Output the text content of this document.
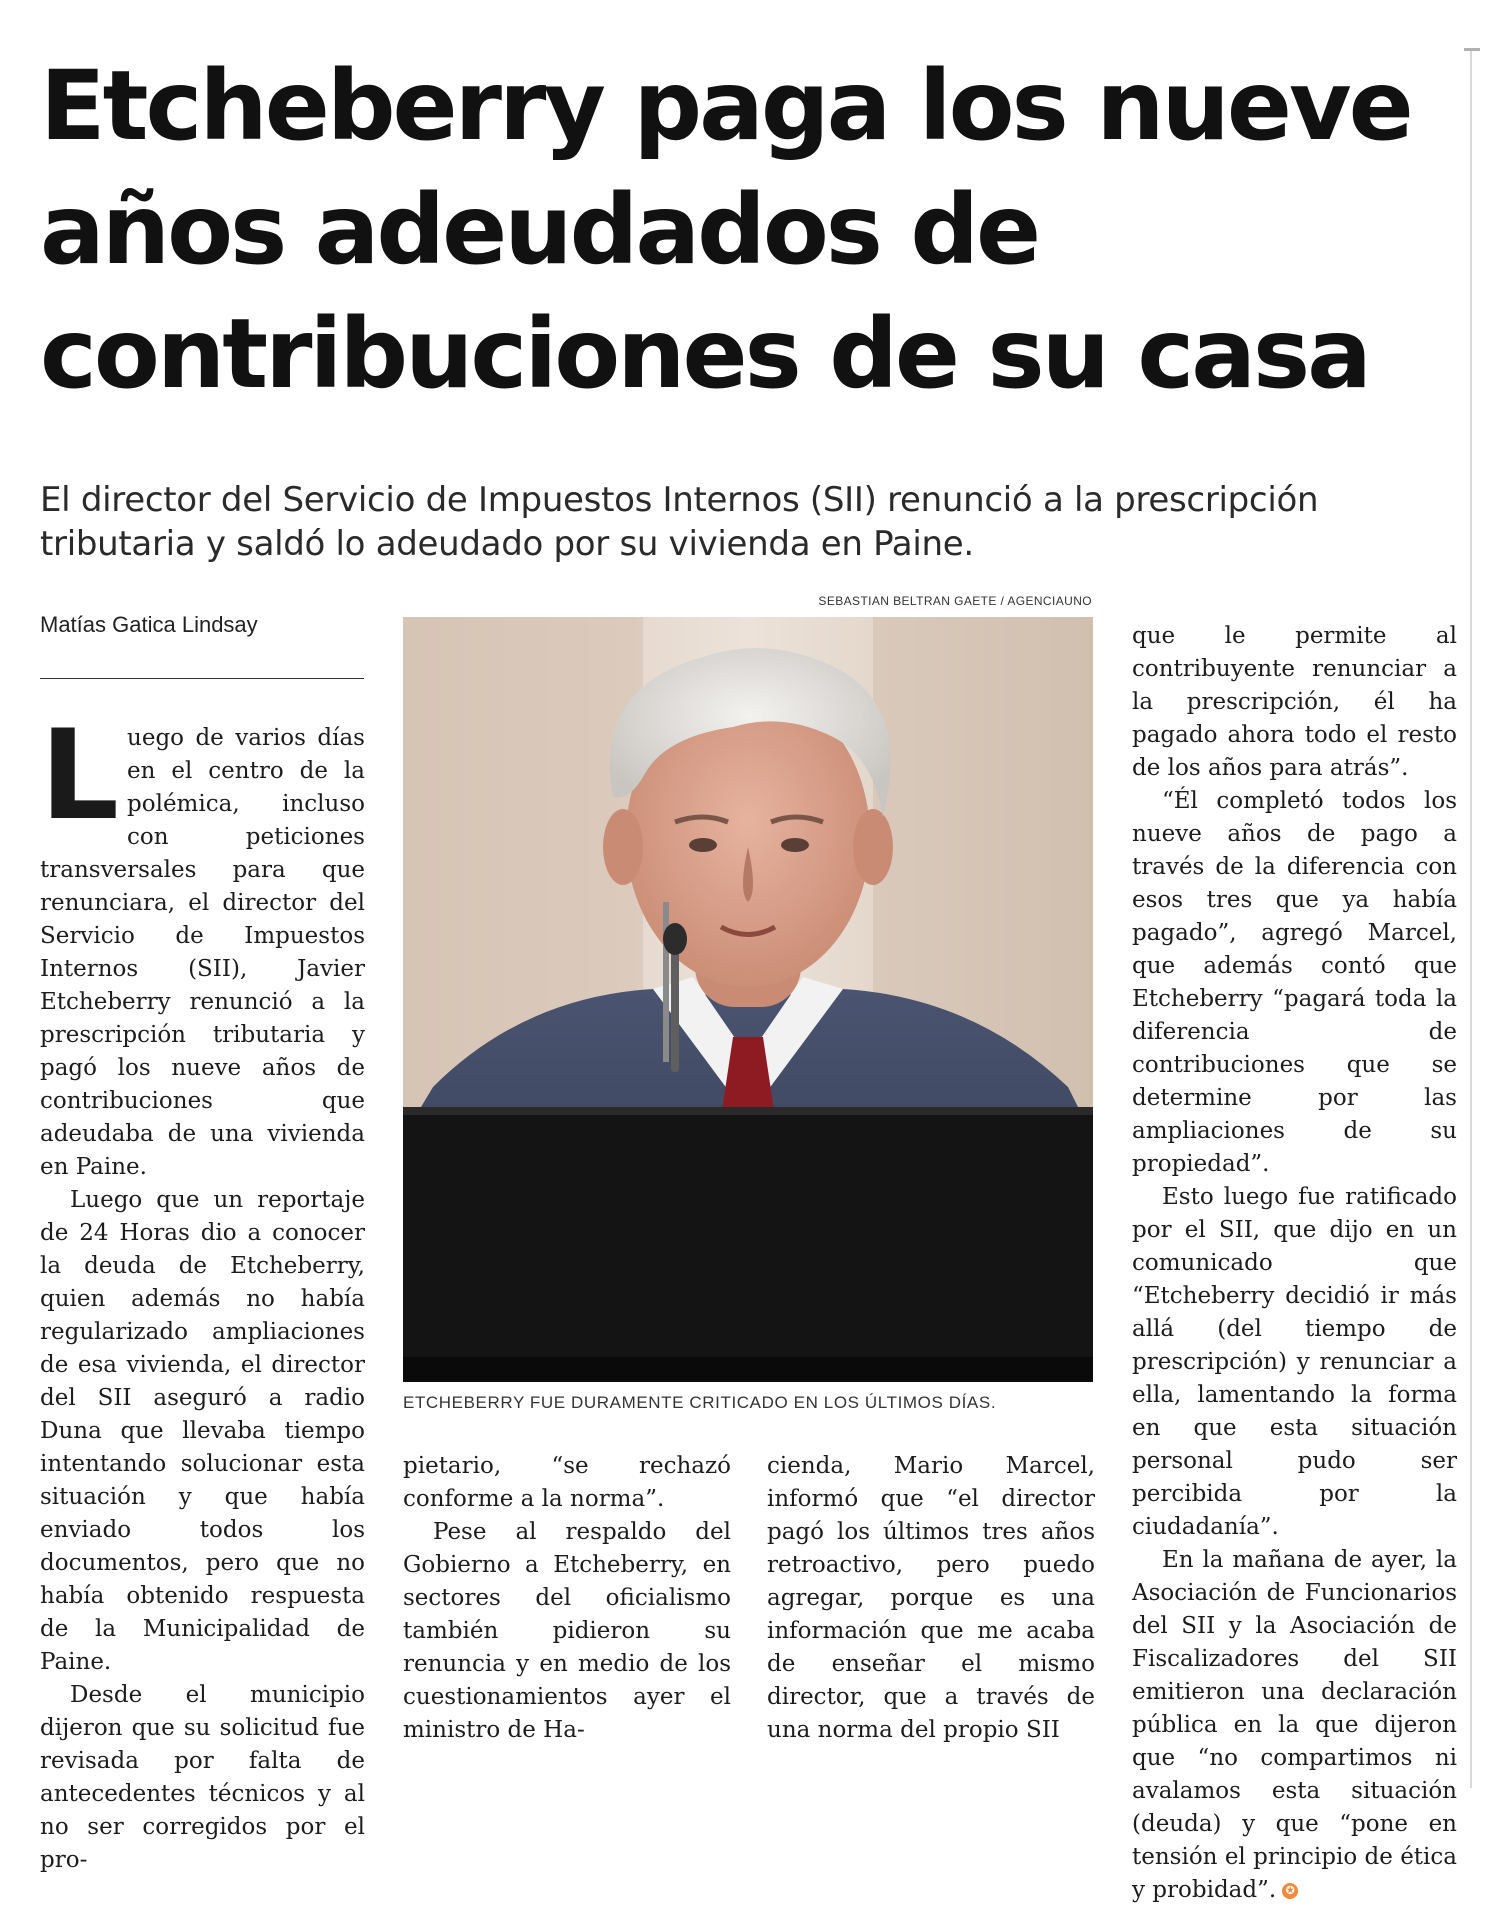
Etcheberry paga los nueve años adeudados de contribuciones de su casa

El director del Servicio de Impuestos Internos (SII) renunció a la prescripción tributaria y saldó lo adeudado por su vivienda en Paine.

Matías Gatica Lindsay
SEBASTIAN BELTRAN GAETE / AGENCIAUNO
ETCHEBERRY FUE DURAMENTE CRITICADO EN LOS ÚLTIMOS DÍAS.

Luego de varios días en el centro de la polémica, incluso con peticiones transversales para que renunciara, el director del Servicio de Impuestos Internos (SII), Javier Etcheberry renunció a la prescripción tributaria y pagó los nueve años de contribuciones que adeudaba de una vivienda en Paine.

Luego que un reportaje de 24 Horas dio a conocer la deuda de Etcheberry, quien además no había regularizado ampliaciones de esa vivienda, el director del SII aseguró a radio Duna que llevaba tiempo intentando solucionar esta situación y que había enviado todos los documentos, pero que no había obtenido respuesta de la Municipalidad de Paine.

Desde el municipio dijeron que su solicitud fue revisada por falta de antecedentes técnicos y al no ser corregidos por el pro-

pietario, “se rechazó conforme a la norma”.

Pese al respaldo del Gobierno a Etcheberry, en sectores del oficialismo también pidieron su renuncia y en medio de los cuestionamientos ayer el ministro de Ha-

cienda, Mario Marcel, informó que “el director pagó los últimos tres años retroactivo, pero puedo agregar, porque es una información que me acaba de enseñar el mismo director, que a través de una norma del propio SII

que le permite al contribuyente renunciar a la prescripción, él ha pagado ahora todo el resto de los años para atrás”.

“Él completó todos los nueve años de pago a través de la diferencia con esos tres que ya había pagado”, agregó Marcel, que además contó que Etcheberry “pagará toda la diferencia de contribuciones que se determine por las ampliaciones de su propiedad”.

Esto luego fue ratificado por el SII, que dijo en un comunicado que “Etcheberry decidió ir más allá (del tiempo de prescripción) y renunciar a ella, lamentando la forma en que esta situación personal pudo ser percibida por la ciudadanía”.

En la mañana de ayer, la Asociación de Funcionarios del SII y la Asociación de Fiscalizadores del SII emitieron una declaración pública en la que dijeron que “no compartimos ni avalamos esta situación (deuda) y que “pone en tensión el principio de ética y probidad”. ✪
